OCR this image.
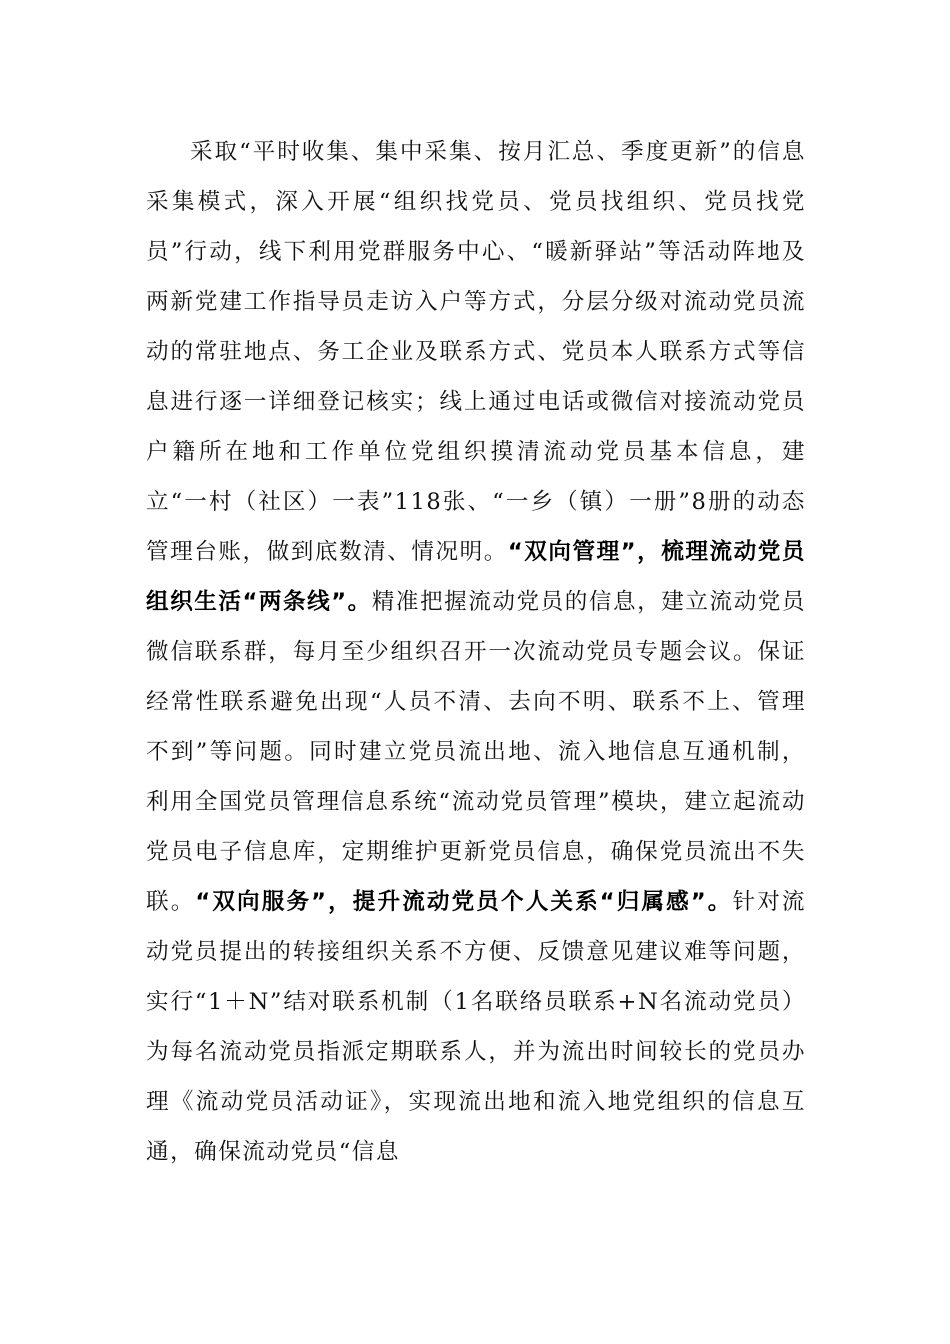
采取“平时收集、集中采集、按月汇总、季度更新”的信息采集模式，深入开展“组织找党员、党员找组织、党员找党员”行动，线下利用党群服务中心、“暖新驿站”等活动阵地及两新党建工作指导员走访入户等方式，分层分级对流动党员流动的常驻地点、务工企业及联系方式、党员本人联系方式等信息进行逐一详细登记核实；线上通过电话或微信对接流动党员户籍所在地和工作单位党组织摸清流动党员基本信息，建立“一村（社区）一表”118张、“一乡（镇）一册”8册的动态管理台账，做到底数清、情况明。“双向管理”，梳理流动党员组织生活“两条线”。精准把握流动党员的信息，建立流动党员微信联系群，每月至少组织召开一次流动党员专题会议。保证经常性联系避免出现“人员不清、去向不明、联系不上、管理不到”等问题。同时建立党员流出地、流入地信息互通机制，利用全国党员管理信息系统“流动党员管理”模块，建立起流动党员电子信息库，定期维护更新党员信息，确保党员流出不失联。“双向服务”，提升流动党员个人关系“归属感”。针对流动党员提出的转接组织关系不方便、反馈意见建议难等问题，实行“1＋N”结对联系机制（1名联络员联系+N名流动党员）为每名流动党员指派定期联系人，并为流出时间较长的党员办理《流动党员活动证》，实现流出地和流入地党组织的信息互通，确保流动党员“信息
